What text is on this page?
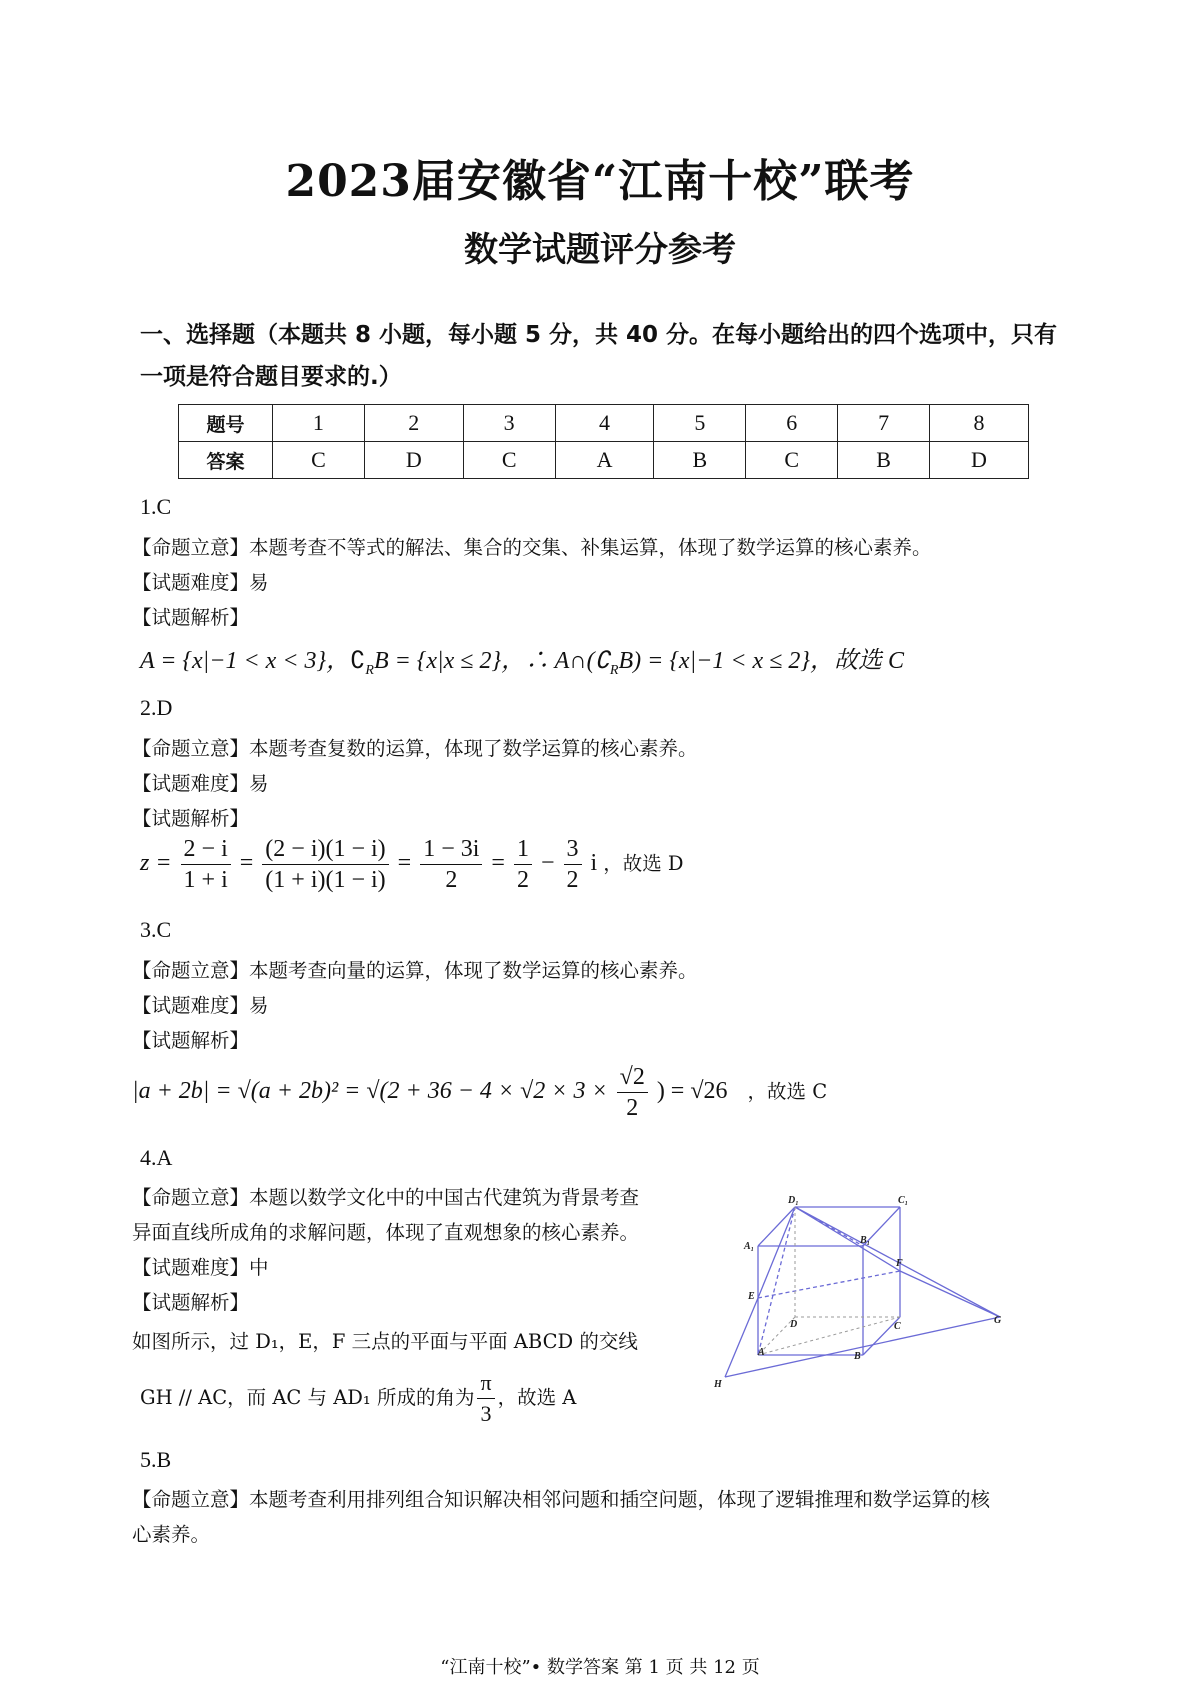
2023届安徽省“江南十校”联考
数学试题评分参考
一、选择题（本题共 8 小题，每小题 5 分，共 40 分。在每小题给出的四个选项中，只有
一项是符合题目要求的.）
题号	1	2	3	4	5	6	7	8
答案	C	D	C	A	B	C	B	D
1.C
【命题立意】本题考查不等式的解法、集合的交集、补集运算，体现了数学运算的核心素养。
【试题难度】易
【试题解析】
A = {x|−1 < x < 3}，$∁_RB = \{x|x \le 2\}$，∴ $A\cap(∁_RB) = \{x|-1 < x \le 2\}$，故选 C
2.D
【命题立意】本题考查复数的运算，体现了数学运算的核心素养。
【试题难度】易
【试题解析】
$z = \frac{2 - i}{1 + i} = \frac{(2 - i)(1 - i)}{(1 + i)(1 - i)} = \frac{1 - 3i}{2} = \frac{1}{2} - \frac{3}{2}$ i ，故选 D
3.C
【命题立意】本题考查向量的运算，体现了数学运算的核心素养。
【试题难度】易
【试题解析】
$|a + 2b| = √(a + 2b)^2 = √(2 + 36 - 4 \times √2 \times 3 \times \frac{√2}{2}$ ) = √26 ，故选 C
4.A
【命题立意】本题以数学文化中的中国古代建筑为背景考查
异面直线所成角的求解问题，体现了直观想象的核心素养。
【试题难度】中
【试题解析】
如图所示，过 D₁，E，F 三点的平面与平面 ABCD 的交线
GH // AC，而 AC 与 AD₁ 所成的角为 $\frac{\pi}{3}$ ，故选 A
D₁	C₁
B₁
A₁
E
F
D	C
A	B
G
H
5.B
【命题立意】本题考查利用排列组合知识解决相邻问题和插空问题，体现了逻辑推理和数学运算的核
心素养。
“江南十校”• 数学答案 第 1 页 共 12 页
